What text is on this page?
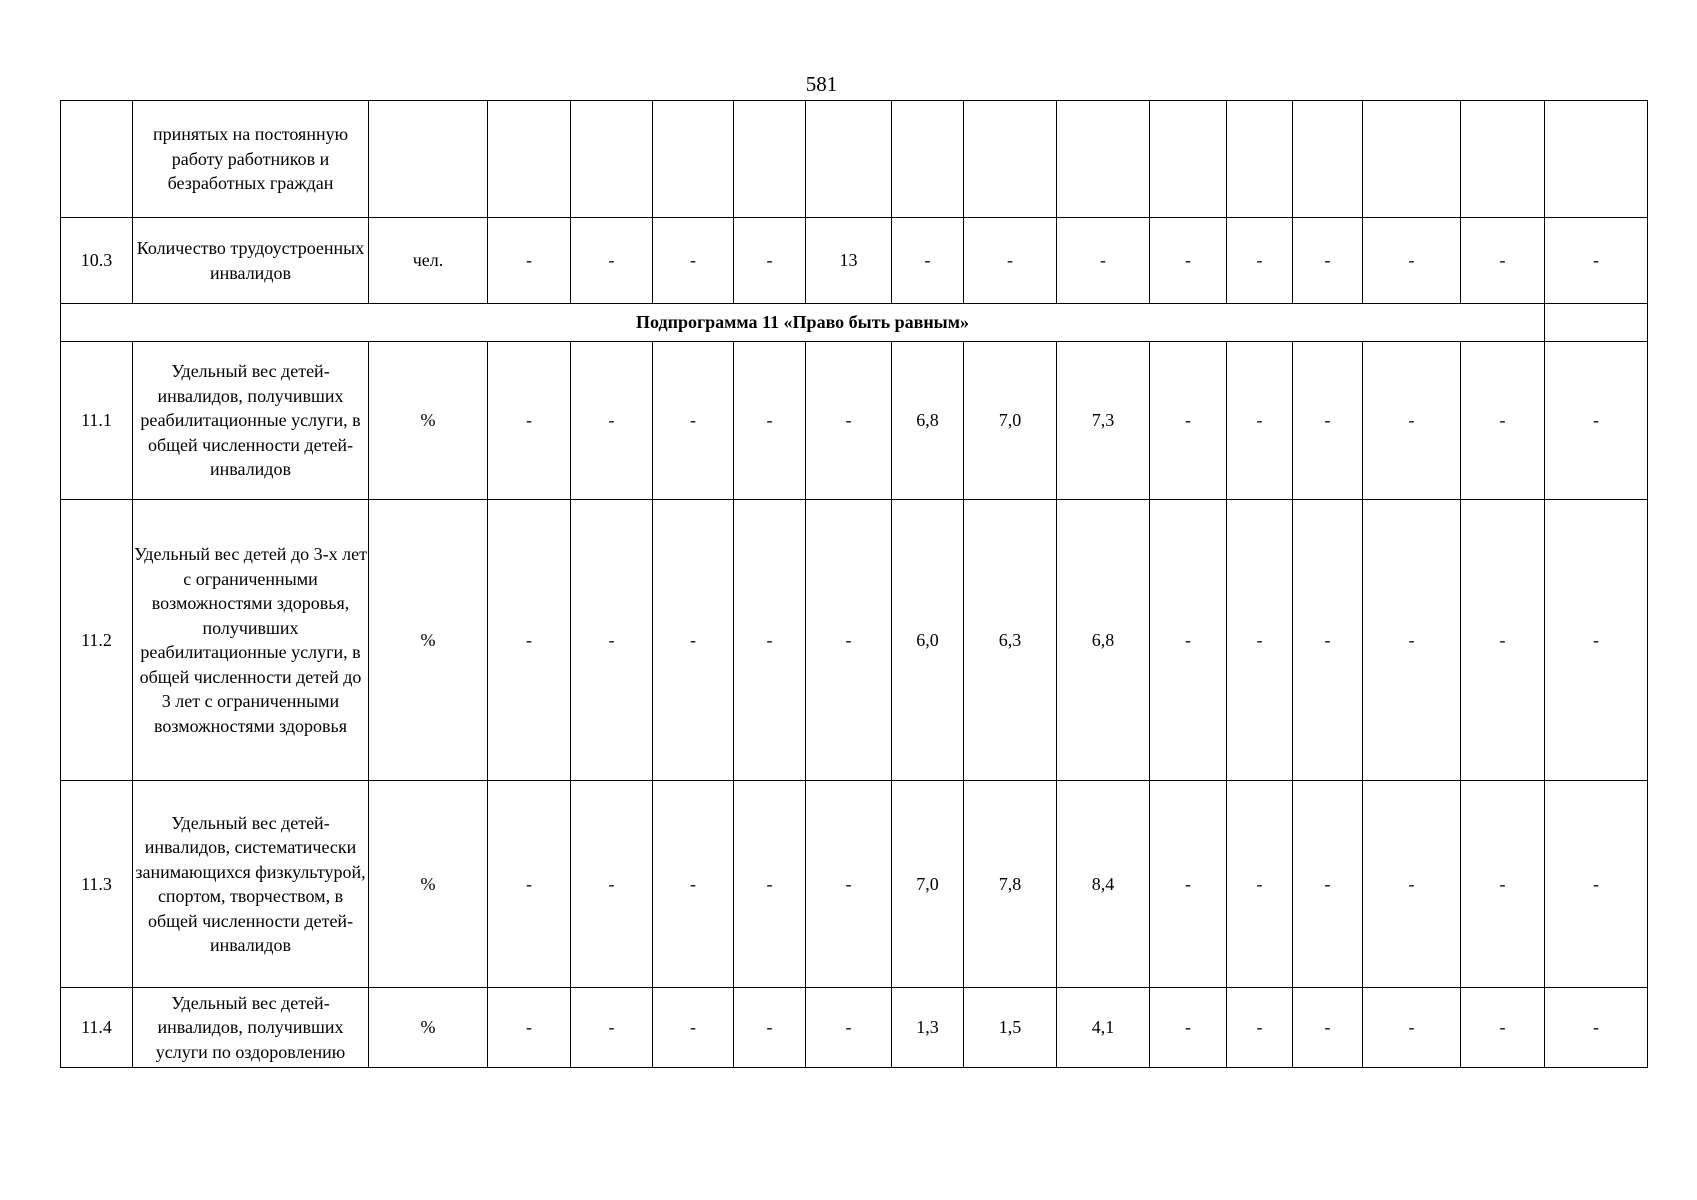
581
	принятых на постоянную работу работников и безработных граждан															
10.3	Количество трудоустроенных инвалидов	чел.	-	-	-	-	13	-	-	-	-	-	-	-	-	-
Подпрограмма 11 «Право быть равным»																
11.1	Удельный вес детей-инвалидов, получивших реабилитационные услуги, в общей численности детей-инвалидов	%	-	-	-	-	-	6,8	7,0	7,3	-	-	-	-	-	-
11.2	Удельный вес детей до 3-х лет с ограниченными возможностями здоровья, получивших реабилитационные услуги, в общей численности детей до 3 лет с ограниченными возможностями здоровья	%	-	-	-	-	-	6,0	6,3	6,8	-	-	-	-	-	-
11.3	Удельный вес детей-инвалидов, систематически занимающихся физкультурой, спортом, творчеством, в общей численности детей-инвалидов	%	-	-	-	-	-	7,0	7,8	8,4	-	-	-	-	-	-
11.4	Удельный вес детей-инвалидов, получивших услуги по оздоровлению	%	-	-	-	-	-	1,3	1,5	4,1	-	-	-	-	-	-
